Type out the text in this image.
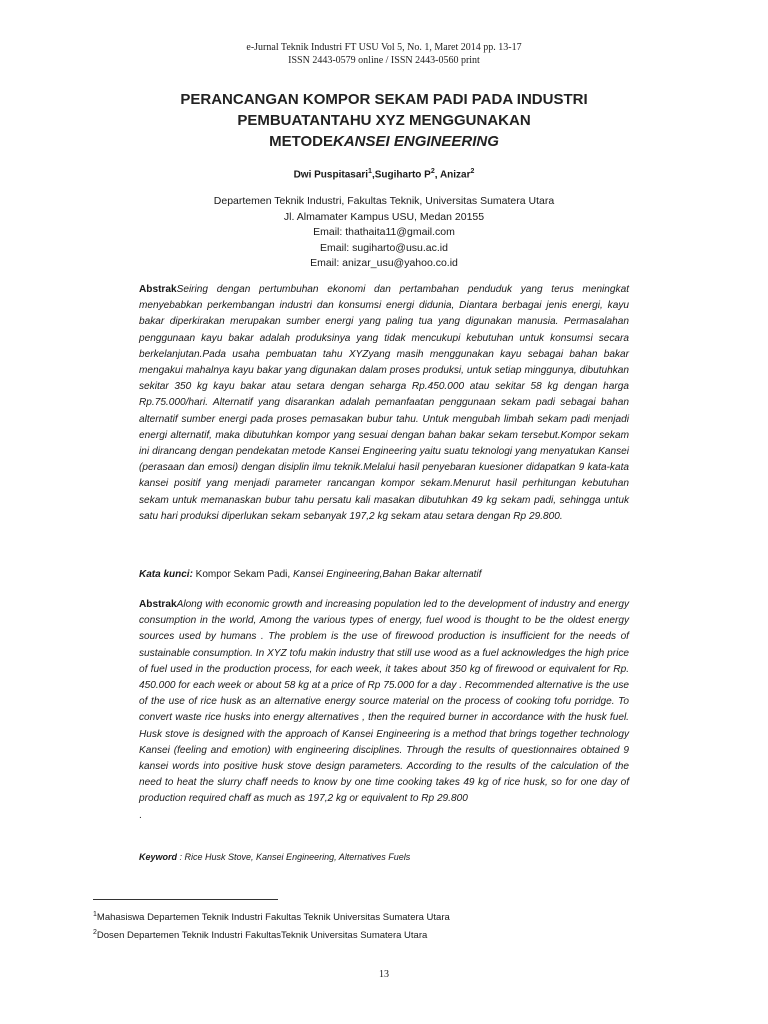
e-Jurnal Teknik Industri FT USU Vol 5, No. 1, Maret 2014 pp. 13-17
ISSN 2443-0579 online / ISSN 2443-0560 print
PERANCANGAN KOMPOR SEKAM PADI PADA INDUSTRI
PEMBUATANTAHU XYZ MENGGUNAKAN
METODEKANSEI ENGINEERING
Dwi Puspitasari$^1$,Sugiharto $P^2$, Anizar$^2$
Departemen Teknik Industri, Fakultas Teknik, Universitas Sumatera Utara
Jl. Almamater Kampus USU, Medan 20155
Email: thathaita11@gmail.com
Email: sugiharto@usu.ac.id
Email: anizar_usu@yahoo.co.id

AbstrakSeiring dengan pertumbuhan ekonomi dan pertambahan penduduk yang terus meningkat menyebabkan perkembangan industri dan konsumsi energi didunia, Diantara berbagai jenis energi, kayu bakar diperkirakan merupakan sumber energi yang paling tua yang digunakan manusia. Permasalahan penggunaan kayu bakar adalah produksinya yang tidak mencukupi kebutuhan untuk konsumsi secara berkelanjutan.Pada usaha pembuatan tahu XYZyang masih menggunakan kayu sebagai bahan bakar mengakui mahalnya kayu bakar yang digunakan dalam proses produksi, untuk setiap minggunya, dibutuhkan sekitar 350 kg kayu bakar atau setara dengan seharga Rp.450.000 atau sekitar 58 kg dengan harga Rp.75.000/hari. Alternatif yang disarankan adalah pemanfaatan penggunaan sekam padi sebagai bahan alternatif sumber energi pada proses pemasakan bubur tahu. Untuk mengubah limbah sekam padi menjadi energi alternatif, maka dibutuhkan kompor yang sesuai dengan bahan bakar sekam tersebut.Kompor sekam ini dirancang dengan pendekatan metode Kansei Engineering yaitu suatu teknologi yang menyatukan Kansei (perasaan dan emosi) dengan disiplin ilmu teknik.Melalui hasil penyebaran kuesioner didapatkan 9 kata-kata kansei positif yang menjadi parameter rancangan kompor sekam.Menurut hasil perhitungan kebutuhan sekam untuk memanaskan bubur tahu persatu kali masakan dibutuhkan 49 kg sekam padi, sehingga untuk satu hari produksi diperlukan sekam sebanyak 197,2 kg sekam atau setara dengan Rp 29.800.

Kata kunci: Kompor Sekam Padi, Kansei Engineering,Bahan Bakar alternatif

AbstrakAlong with economic growth and increasing population led to the development of industry and energy consumption in the world, Among the various types of energy, fuel wood is thought to be the oldest energy sources used by humans . The problem is the use of firewood production is insufficient for the needs of sustainable consumption. In XYZ tofu makin industry that still use wood as a fuel acknowledges the high price of fuel used in the production process, for each week, it takes about 350 kg of firewood or equivalent for Rp. 450.000 for each week or about 58 kg at a price of Rp 75.000 for a day . Recommended alternative is the use of the use of rice husk as an alternative energy source material on the process of cooking tofu porridge. To convert waste rice husks into energy alternatives , then the required burner in accordance with the husk fuel. Husk stove is designed with the approach of Kansei Engineering is a method that brings together technology Kansei (feeling and emotion) with engineering disciplines. Through the results of questionnaires obtained 9 kansei words into positive husk stove design parameters. According to the results of the calculation of the need to heat the slurry chaff needs to know by one time cooking takes 49 kg of rice husk, so for one day of production required chaff as much as 197,2 kg or equivalent to Rp 29.800
.

Keyword : Rice Husk Stove, Kansei Engineering, Alternatives Fuels
$^1$Mahasiswa Departemen Teknik Industri Fakultas Teknik Universitas Sumatera Utara
$^2$Dosen Departemen Teknik Industri FakultasTeknik Universitas Sumatera Utara
13
